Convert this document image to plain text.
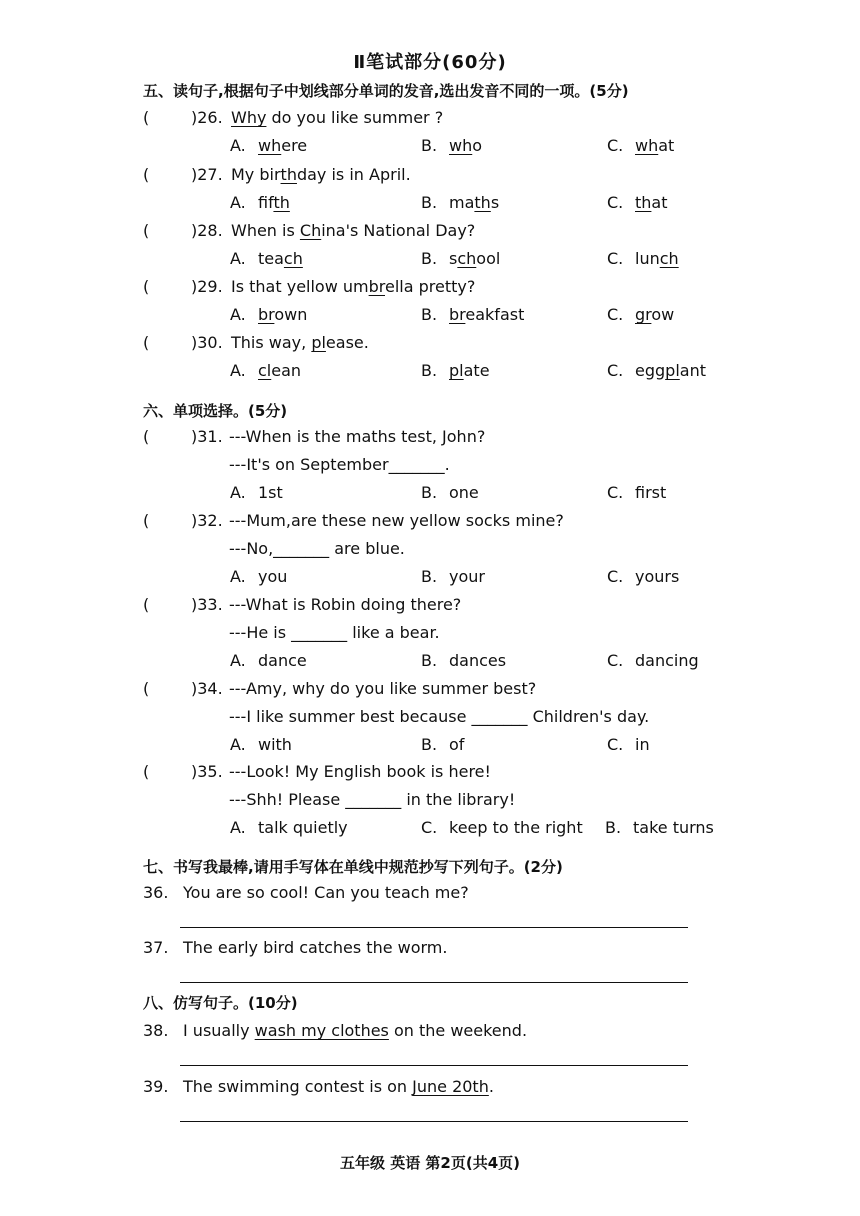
Ⅱ笔试部分(60分)
五、读句子,根据句子中划线部分单词的发音,选出发音不同的一项。(5分)
(	)26. Why do you like summer ?
A. where	B. who	C. what
(	)27. My birthday is in April.
A. fifth	B. maths	C. that
(	)28. When is China's National Day?
A. teach	B. school	C. lunch
(	)29. Is that yellow umbrella pretty?
A. brown	B. breakfast	C. grow
(	)30. This way, please.
A. clean	B. plate	C. eggplant
六、单项选择。(5分)
(	)31. ---When is the maths test, John?
---It's on September_______.
A. 1st	B. one	C. first
(	)32. ---Mum,are these new yellow socks mine?
---No,_______ are blue.
A. you	B. your	C. yours
(	)33. ---What is Robin doing there?
---He is _______ like a bear.
A. dance	B. dances	C. dancing
(	)34. ---Amy, why do you like summer best?
---I like summer best because _______ Children's day.
A. with	B. of	C. in
(	)35. ---Look! My English book is here!
---Shh! Please _______ in the library!
A. talk quietly	C. keep to the right B. take turns
七、书写我最棒,请用手写体在单线中规范抄写下列句子。(2分)
36. You are so cool! Can you teach me?
37. The early bird catches the worm.
八、仿写句子。(10分)
38. I usually wash my clothes on the weekend.
39. The swimming contest is on June 20th.
五年级 英语 第2页(共4页)
